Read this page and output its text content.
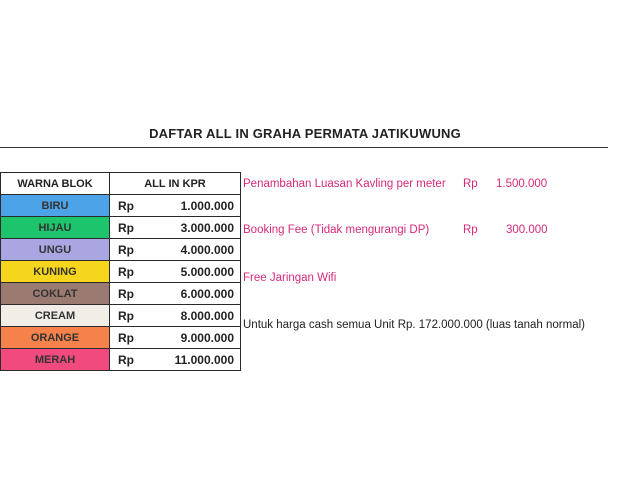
DAFTAR ALL IN GRAHA PERMATA JATIKUWUNG
WARNA BLOK	ALL IN KPR
BIRU	Rp 1.000.000

HIJAU	Rp 3.000.000

UNGU	Rp 4.000.000

KUNING	Rp 5.000.000

COKLAT	Rp 6.000.000

CREAM	Rp 8.000.000

ORANGE	Rp 9.000.000

MERAH	Rp 11.000.000
Penambahan Luasan Kavling per meter Rp 1.500.000
Booking Fee (Tidak mengurangi DP)	Rp 300.000
Free Jaringan Wifi
Untuk harga cash semua Unit Rp. 172.000.000 (luas tanah normal)
